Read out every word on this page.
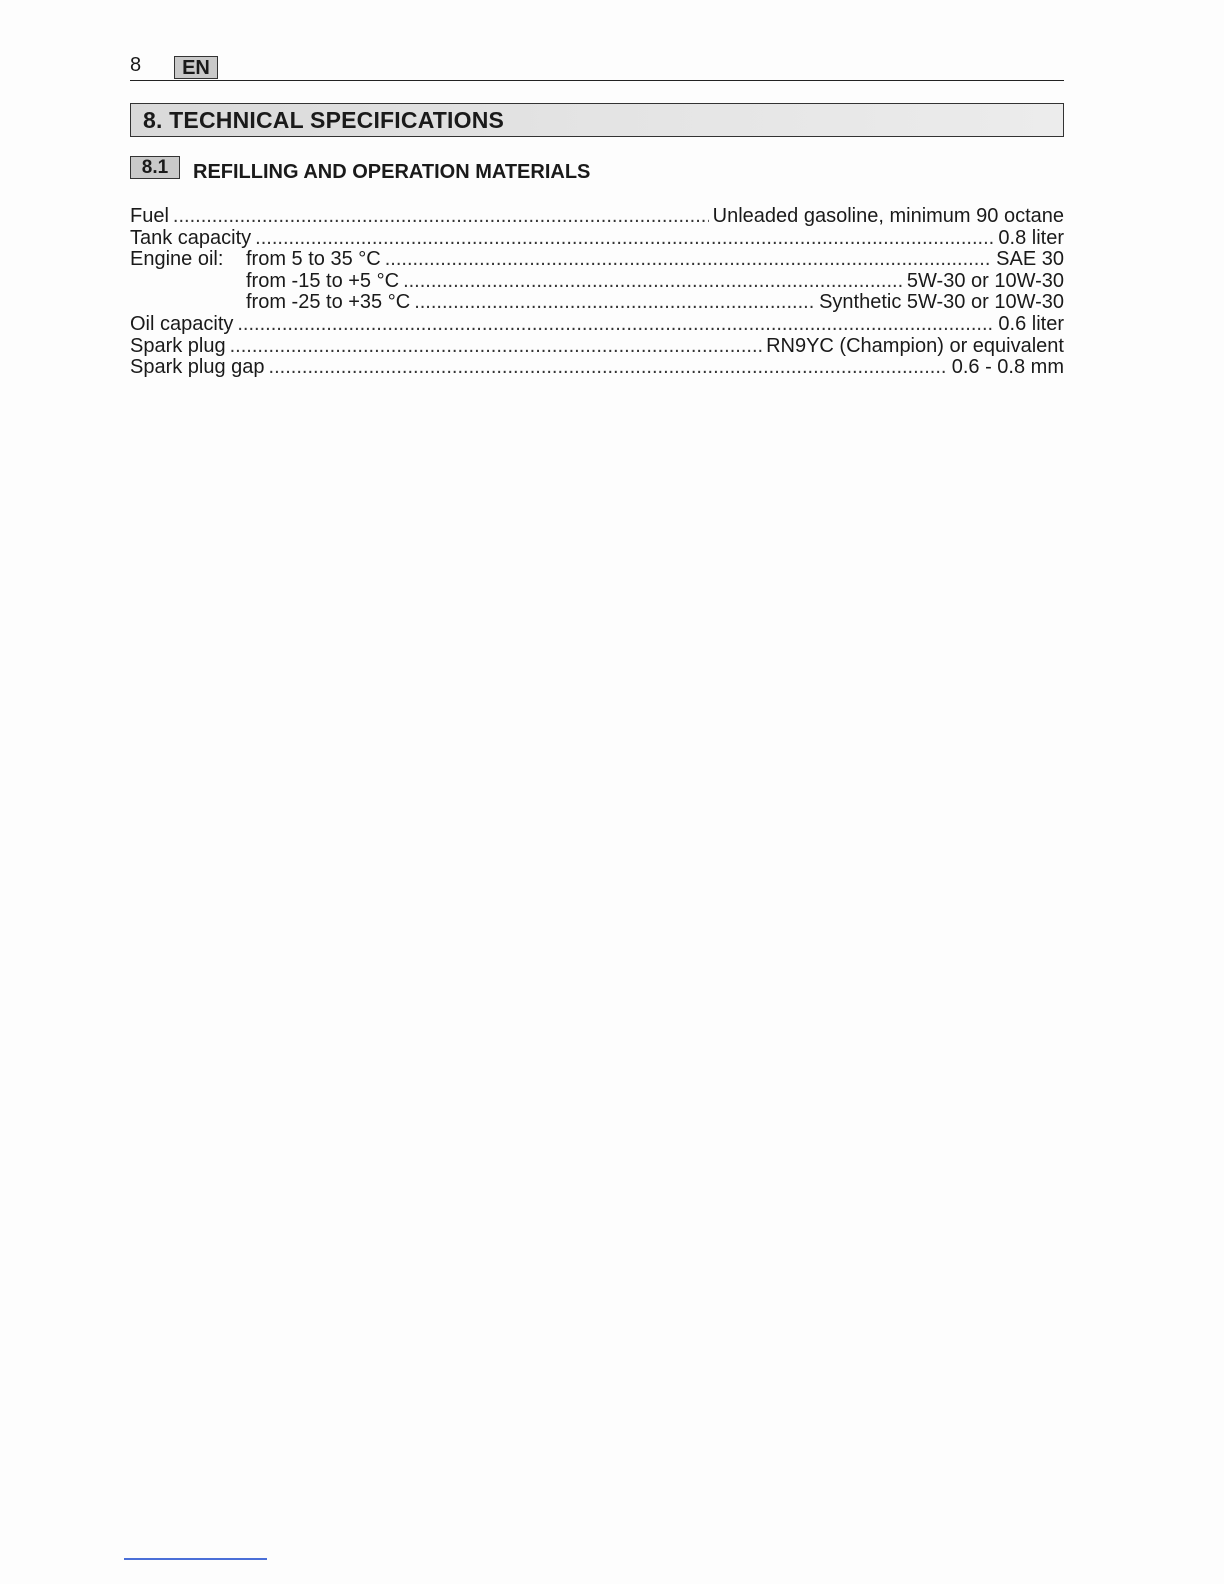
8	EN
8. TECHNICAL SPECIFICATIONS
8.1	REFILLING AND OPERATION MATERIALS
Fuel .....	Unleaded gasoline, minimum 90 octane
Tank capacity .....	0.8 liter
Engine oil:	from 5 to 35 °C .....	SAE 30
from -15 to +5 °C .....	5W-30 or 10W-30
from -25 to +35 °C .....	Synthetic 5W-30 or 10W-30
Oil capacity .....	0.6 liter
Spark plug .....	RN9YC (Champion) or equivalent
Spark plug gap .....	0.6 - 0.8 mm
